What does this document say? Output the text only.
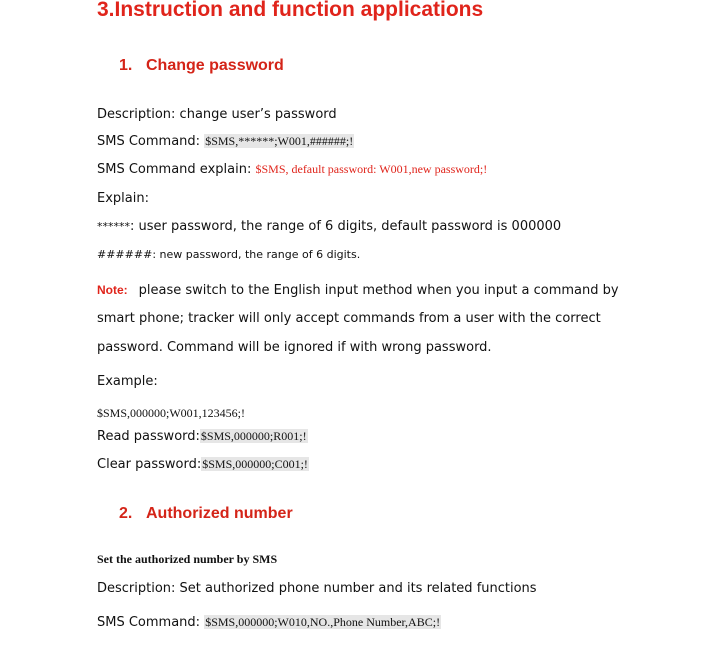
3.Instruction and function applications
1. Change password
Description: change user’s password
SMS Command: $SMS,******;W001,######;!
SMS Command explain: $SMS, default password: W001,new password;!
Explain:
******: user password, the range of 6 digits, default password is 000000
######: new password, the range of 6 digits.
Note: please switch to the English input method when you input a command by
smart phone; tracker will only accept commands from a user with the correct
password. Command will be ignored if with wrong password.
Example:
$SMS,000000;W001,123456;!
Read password:$SMS,000000;R001;!
Clear password:$SMS,000000;C001;!
2. Authorized number
Set the authorized number by SMS
Description: Set authorized phone number and its related functions
SMS Command: $SMS,000000;W010,NO.,Phone Number,ABC;!
